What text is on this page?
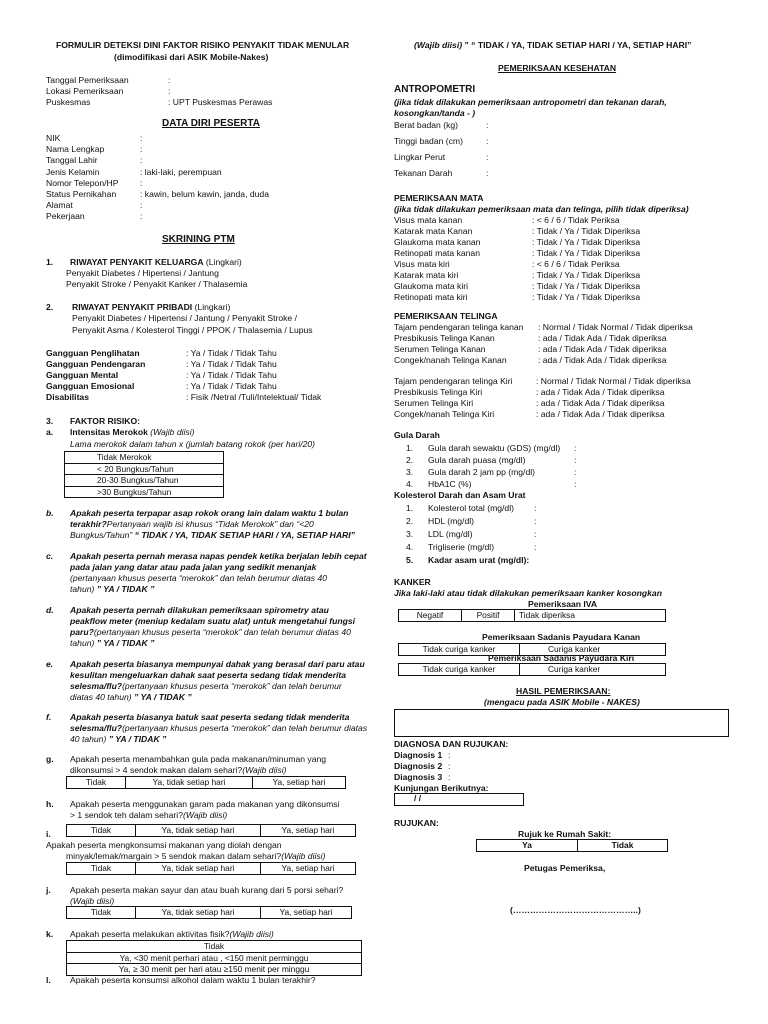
FORMULIR DETEKSI DINI FAKTOR RISIKO PENYAKIT TIDAK MENULAR
(dimodifikasi dari ASIK Mobile-Nakes)
Tanggal Pemeriksaan	:
Lokasi Pemeriksaan	:
Puskesmas	: UPT Puskesmas Perawas
DATA DIRI PESERTA
NIK	:
Nama Lengkap	:
Tanggal Lahir	:
Jenis Kelamin	: laki-laki, perempuan
Nomor Telepon/HP	:
Status Pernikahan	: kawin, belum kawin, janda, duda
Alamat	:
Pekerjaan	:
SKRINING PTM
1. RIWAYAT PENYAKIT KELUARGA (Lingkari)
Penyakit Diabetes / Hipertensi / Jantung
Penyakit Stroke / Penyakit Kanker / Thalasemia
2. RIWAYAT PENYAKIT PRIBADI (Lingkari)
Penyakit Diabetes / Hipertensi / Jantung / Penyakit Stroke /
Penyakit Asma / Kolesterol Tinggi / PPOK / Thalasemia / Lupus
Gangguan Penglihatan	: Ya / Tidak / Tidak Tahu
Gangguan Pendengaran	: Ya / Tidak / Tidak Tahu
Gangguan Mental	: Ya / Tidak / Tidak Tahu
Gangguan Emosional	: Ya / Tidak / Tidak Tahu
Disabilitas	: Fisik /Netral /Tuli/Intelektual/ Tidak
3. FAKTOR RISIKO:
a. Intensitas Merokok (Wajib diisi)
Lama merokok dalam tahun x (jumlah batang rokok (per hari/20)
Tidak Merokok
< 20 Bungkus/Tahun
20-30 Bungkus/Tahun
>30 Bungkus/Tahun
b. Apakah peserta terpapar asap rokok orang lain dalam waktu 1 bulan
terakhir?Pertanyaan wajib isi khusus “Tidak Merokok” dan “<20
Bungkus/Tahun” “ TIDAK / YA, TIDAK SETIAP HARI / YA, SETIAP HARI”
c. Apakah peserta pernah merasa napas pendek ketika berjalan lebih cepat
pada jalan yang datar atau pada jalan yang sedikit menanjak
(pertanyaan khusus peserta “merokok” dan telah berumur diatas 40
tahun) ” YA / TIDAK ”
d. Apakah peserta pernah dilakukan pemeriksaan spirometry atau
peakflow meter (meniup kedalam suatu alat) untuk mengetahui fungsi
paru?(pertanyaan khusus peserta “merokok” dan telah berumur diatas 40
tahun) ” YA / TIDAK ”
e. Apakah peserta biasanya mempunyai dahak yang berasal dari paru atau
kesulitan mengeluarkan dahak saat peserta sedang tidak menderita
selesma/flu?(pertanyaan khusus peserta “merokok” dan telah berumur
diatas 40 tahun) ” YA / TIDAK ”
f. Apakah peserta biasanya batuk saat peserta sedang tidak menderita
selesma/flu?(pertanyaan khusus peserta “merokok” dan telah berumur diatas
40 tahun) ” YA / TIDAK ”
g. Apakah peserta menambahkan gula pada makanan/minuman yang
dikonsumsi > 4 sendok makan dalam sehari?(Wajib diisi)
Tidak	Ya, tidak setiap hari	Ya, setiap hari
h. Apakah peserta menggunakan garam pada makanan yang dikonsumsi
> 1 sendok teh dalam sehari?(Wajib diisi)
Tidak	Ya, tidak setiap hari	Ya, setiap hari
i.
Apakah peserta mengkonsumsi makanan yang diolah dengan
minyak/lemak/margain > 5 sendok makan dalam sehari?(Wajib diisi)
Tidak	Ya, tidak setiap hari	Ya, setiap hari
j. Apakah peserta makan sayur dan atau buah kurang dari 5 porsi sehari?
(Wajib diisi)
Tidak	Ya, tidak setiap hari	Ya, setiap hari
k. Apakah peserta melakukan aktivitas fisik?(Wajib diisi)
Tidak
Ya, <30 menit perhari atau , <150 menit perminggu
Ya, ≥ 30 menit per hari atau ≥150 menit per minggu
l. Apakah peserta konsumsi alkohol dalam waktu 1 bulan terakhir?
(Wajib diisi) ” “ TIDAK / YA, TIDAK SETIAP HARI / YA, SETIAP HARI”
PEMERIKSAAN KESEHATAN
ANTROPOMETRI
(jika tidak dilakukan pemeriksaan antropometri dan tekanan darah,
kosongkan/tanda - )
Berat badan (kg)	:
Tinggi badan (cm)	:
Lingkar Perut	:
Tekanan Darah	:
PEMERIKSAAN MATA
(jika tidak dilakukan pemeriksaan mata dan telinga, pilih tidak diperiksa)
Visus mata kanan	: < 6 / 6 / Tidak Periksa
Katarak mata Kanan	: Tidak / Ya / Tidak Diperiksa
Glaukoma mata kanan	: Tidak / Ya / Tidak Diperiksa
Retinopati mata kanan	: Tidak / Ya / Tidak Diperiksa
Visus mata kiri	: < 6 / 6 / Tidak Periksa
Katarak mata kiri	: Tidak / Ya / Tidak Diperiksa
Glaukoma mata kiri	: Tidak / Ya / Tidak Diperiksa
Retinopati mata kiri	: Tidak / Ya / Tidak Diperiksa
PEMERIKSAAN TELINGA
Tajam pendengaran telinga kanan : Normal / Tidak Normal / Tidak diperiksa
Presbikusis Telinga Kanan	: ada / Tidak Ada / Tidak diperiksa
Serumen Telinga Kanan	: ada / Tidak Ada / Tidak diperiksa
Congek/nanah Telinga Kanan	: ada / Tidak Ada / Tidak diperiksa
Tajam pendengaran telinga Kiri	: Normal / Tidak Normal / Tidak diperiksa
Presbikusis Telinga Kiri	: ada / Tidak Ada / Tidak diperiksa
Serumen Telinga Kiri	: ada / Tidak Ada / Tidak diperiksa
Congek/nanah Telinga Kiri	: ada / Tidak Ada / Tidak diperiksa
Gula Darah
1. Gula darah sewaktu (GDS) (mg/dl) :
2. Gula darah puasa (mg/dl)	:
3. Gula darah 2 jam pp (mg/dl)	:
4. HbA1C (%)	:
Kolesterol Darah dan Asam Urat
1. Kolesterol total (mg/dl) :
2. HDL (mg/dl)	:
3. LDL (mg/dl)	:
4. Trigliserie (mg/dl)	:
5. Kadar asam urat (mg/dl):
KANKER
Jika laki-laki atau tidak dilakukan pemeriksaan kanker kosongkan
Pemeriksaan IVA
Negatif	Positif	Tidak diperiksa
Pemeriksaan Sadanis Payudara Kanan
Tidak curiga kanker	Curiga kanker
Pemeriksaan Sadanis Payudara Kiri
Tidak curiga kanker	Curiga kanker
HASIL PEMERIKSAAN:
(mengacu pada ASIK Mobile - NAKES)
DIAGNOSA DAN RUJUKAN:
Diagnosis 1 :
Diagnosis 2 :
Diagnosis 3 :
Kunjungan Berikutnya:
/ /
RUJUKAN:
Rujuk ke Rumah Sakit:
Ya	Tidak
Petugas Pemeriksa,
(……………………………………..)
